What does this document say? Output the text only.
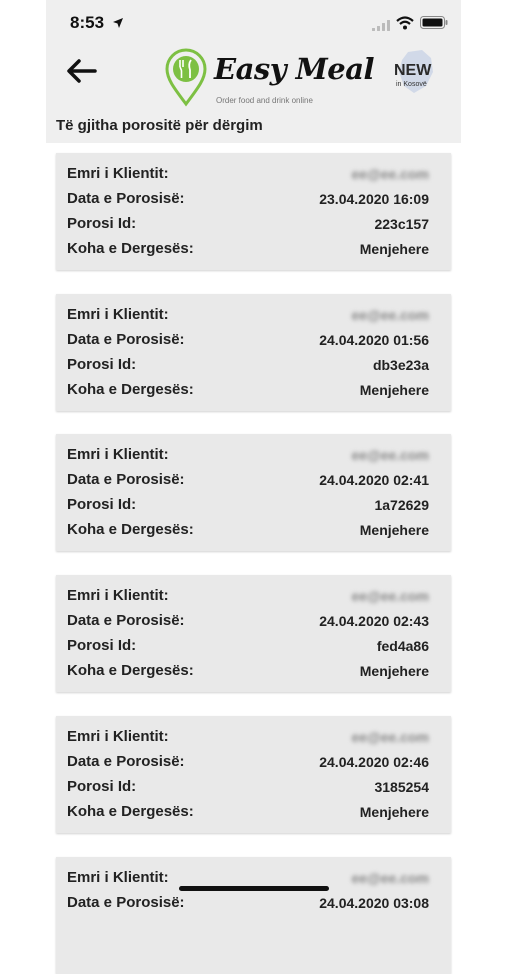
8:53
Easy Meal
Order food and drink online
NEW
in Kosovë
Të gjitha porositë për dërgim
Emri i Klientit:	ee@ee.com
Data e Porosisë:	23.04.2020 16:09
Porosi Id:	223c157
Koha e Dergesës:	Menjehere
Emri i Klientit:	ee@ee.com
Data e Porosisë:	24.04.2020 01:56
Porosi Id:	db3e23a
Koha e Dergesës:	Menjehere
Emri i Klientit:	ee@ee.com
Data e Porosisë:	24.04.2020 02:41
Porosi Id:	1a72629
Koha e Dergesës:	Menjehere
Emri i Klientit:	ee@ee.com
Data e Porosisë:	24.04.2020 02:43
Porosi Id:	fed4a86
Koha e Dergesës:	Menjehere
Emri i Klientit:	ee@ee.com
Data e Porosisë:	24.04.2020 02:46
Porosi Id:	3185254
Koha e Dergesës:	Menjehere
Emri i Klientit:	ee@ee.com
Data e Porosisë:	24.04.2020 03:08
